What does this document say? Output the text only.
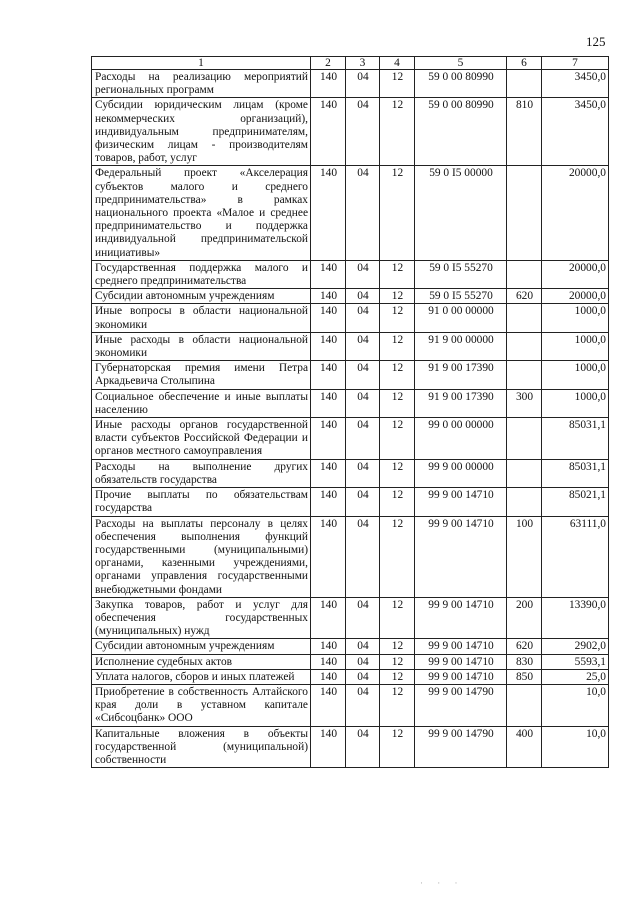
125
1	2	3	4	5	6	7
Расходы на реализацию мероприятий региональных программ	140	04	12	59 0 00 80990		3450,0
Субсидии юридическим лицам (кроме некоммерческих организаций), индивидуальным предпринимателям, физическим лицам - производителям товаров, работ, услуг	140	04	12	59 0 00 80990	810	3450,0
Федеральный проект «Акселерация субъектов малого и среднего предпринимательства» в рамках национального проекта «Малое и среднее предпринимательство и поддержка индивидуальной предпринимательской инициативы»	140	04	12	59 0 I5 00000		20000,0
Государственная поддержка малого и среднего предпринимательства	140	04	12	59 0 I5 55270		20000,0
Субсидии автономным учреждениям	140	04	12	59 0 I5 55270	620	20000,0
Иные вопросы в области национальной экономики	140	04	12	91 0 00 00000		1000,0
Иные расходы в области национальной экономики	140	04	12	91 9 00 00000		1000,0
Губернаторская премия имени Петра Аркадьевича Столыпина	140	04	12	91 9 00 17390		1000,0
Социальное обеспечение и иные выплаты населению	140	04	12	91 9 00 17390	300	1000,0
Иные расходы органов государственной власти субъектов Российской Федерации и органов местного самоуправления	140	04	12	99 0 00 00000		85031,1
Расходы на выполнение других обязательств государства	140	04	12	99 9 00 00000		85031,1
Прочие выплаты по обязательствам государства	140	04	12	99 9 00 14710		85021,1
Расходы на выплаты персоналу в целях обеспечения выполнения функций государственными (муниципальными) органами, казенными учреждениями, органами управления государственными внебюджетными фондами	140	04	12	99 9 00 14710	100	63111,0
Закупка товаров, работ и услуг для обеспечения государственных (муниципальных) нужд	140	04	12	99 9 00 14710	200	13390,0
Субсидии автономным учреждениям	140	04	12	99 9 00 14710	620	2902,0
Исполнение судебных актов	140	04	12	99 9 00 14710	830	5593,1
Уплата налогов, сборов и иных платежей	140	04	12	99 9 00 14710	850	25,0
Приобретение в собственность Алтайского края доли в уставном капитале «Сибсоцбанк» ООО	140	04	12	99 9 00 14790		10,0
Капитальные вложения в объекты государственной (муниципальной) собственности	140	04	12	99 9 00 14790	400	10,0
· · ·
